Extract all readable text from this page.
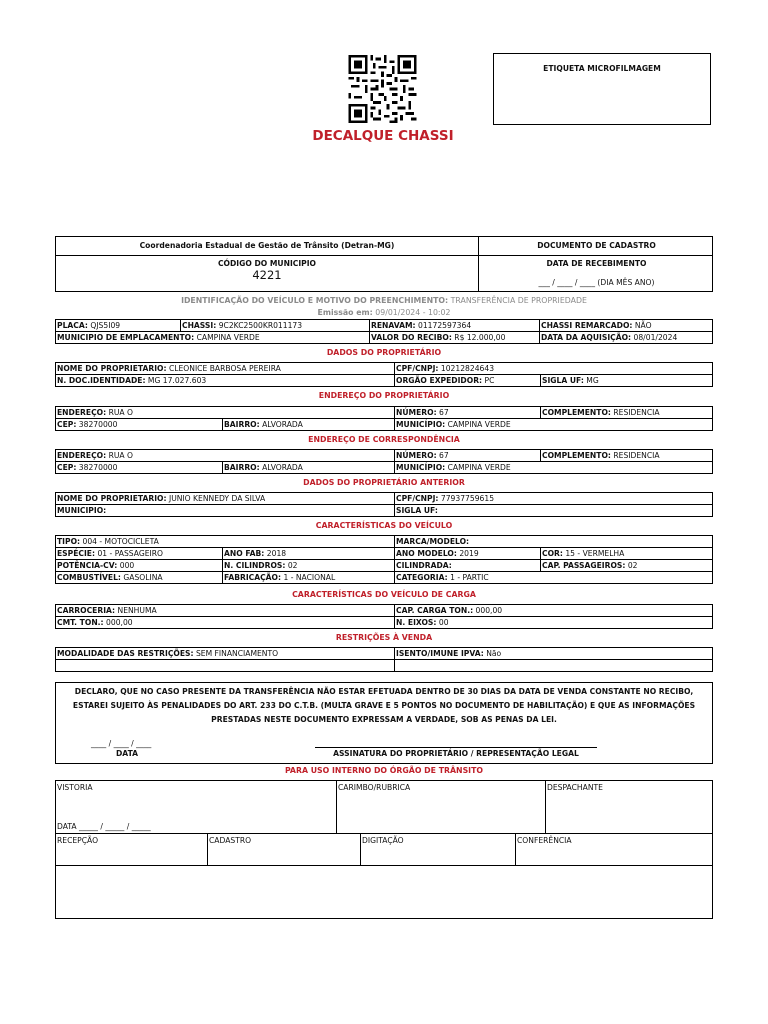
ETIQUETA MICROFILMAGEM
DECALQUE CHASSI
Coordenadoria Estadual de Gestão de Trânsito (Detran-MG)	DOCUMENTO DE CADASTRO
CÓDIGO DO MUNICIPIO
4221
DATA DE RECEBIMENTO
___ / ____ / ____ (DIA MÊS ANO)
IDENTIFICAÇÃO DO VEÍCULO E MOTIVO DO PREENCHIMENTO: TRANSFERÊNCIA DE PROPRIEDADE
Emissão em: 09/01/2024 - 10:02
PLACA: QJS5I09	CHASSI: 9C2KC2500KR011173	RENAVAM: 01172597364	CHASSI REMARCADO: NÃO
MUNICIPIO DE EMPLACAMENTO: CAMPINA VERDE	VALOR DO RECIBO: R$ 12.000,00	DATA DA AQUISIÇÃO: 08/01/2024
DADOS DO PROPRIETÁRIO
NOME DO PROPRIETARIO: CLEONICE BARBOSA PEREIRA	CPF/CNPJ: 10212824643
N. DOC.IDENTIDADE: MG 17.027.603	ORGÃO EXPEDIDOR: PC	SIGLA UF: MG
ENDEREÇO DO PROPRIETÁRIO
ENDEREÇO: RUA O	NÚMERO: 67	COMPLEMENTO: RESIDENCIA
CEP: 38270000	BAIRRO: ALVORADA	MUNICÍPIO: CAMPINA VERDE
ENDEREÇO DE CORRESPONDÊNCIA
ENDEREÇO: RUA O	NÚMERO: 67	COMPLEMENTO: RESIDENCIA
CEP: 38270000	BAIRRO: ALVORADA	MUNICÍPIO: CAMPINA VERDE
DADOS DO PROPRIETÁRIO ANTERIOR
NOME DO PROPRIETARIO: JUNIO KENNEDY DA SILVA	CPF/CNPJ: 77937759615
MUNICIPIO:	SIGLA UF:
CARACTERÍSTICAS DO VEÍCULO
TIPO: 004 - MOTOCICLETA	MARCA/MODELO:
ESPÉCIE: 01 - PASSAGEIRO	ANO FAB: 2018	ANO MODELO: 2019	COR: 15 - VERMELHA
POTÊNCIA-CV: 000	N. CILINDROS: 02	CILINDRADA:	CAP. PASSAGEIROS: 02
COMBUSTÍVEL: GASOLINA	FABRICAÇÃO: 1 - NACIONAL	CATEGORIA: 1 - PARTIC
CARACTERÍSTICAS DO VEÍCULO DE CARGA
CARROCERIA: NENHUMA	CAP. CARGA TON.: 000,00
CMT. TON.: 000,00	N. EIXOS: 00
RESTRIÇÕES À VENDA
MODALIDADE DAS RESTRIÇÕES: SEM FINANCIAMENTO	ISENTO/IMUNE IPVA: Não
DECLARO, QUE NO CASO PRESENTE DA TRANSFERÊNCIA NÃO ESTAR EFETUADA DENTRO DE 30 DIAS DA DATA DE VENDA CONSTANTE NO RECIBO,
ESTAREI SUJEITO ÀS PENALIDADES DO ART. 233 DO C.T.B. (MULTA GRAVE E 5 PONTOS NO DOCUMENTO DE HABILITAÇÃO) E QUE AS INFORMAÇÕES
PRESTADAS NESTE DOCUMENTO EXPRESSAM A VERDADE, SOB AS PENAS DA LEI.
____ / ____ / ____
DATA	ASSINATURA DO PROPRIETÁRIO / REPRESENTAÇÃO LEGAL
PARA USO INTERNO DO ÓRGÃO DE TRÂNSITO
VISTORIA	CARIMBO/RUBRICA	DESPACHANTE
DATA _____ / _____ / _____
RECEPÇÃO	CADASTRO	DIGITAÇÃO	CONFERÊNCIA
